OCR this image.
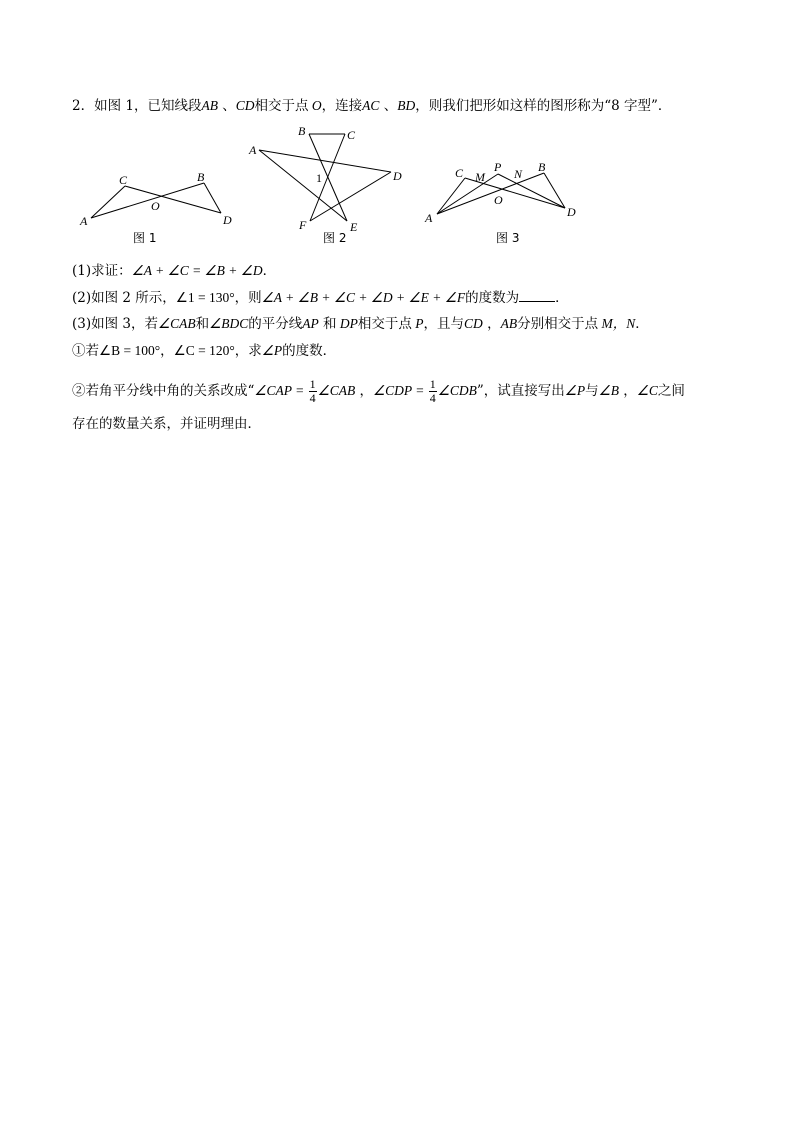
2．如图 1，已知线段AB 、CD相交于点 O，连接AC 、BD，则我们把形如这样的图形称为“8 字型”．
C	B
A
O
D
图 1
B	C
A
D
1
F	E
图 2
C M
P N B
O
A	D
图 3
(1)求证：∠A + ∠C = ∠B + ∠D．
(2)如图 2 所示，∠1 = 130°，则∠A + ∠B + ∠C + ∠D + ∠E + ∠F的度数为	．
(3)如图 3，若∠CAB和∠BDC的平分线AP 和 DP相交于点 P，且与CD ，AB分别相交于点 M，N．
①若∠B = 100°，∠C = 120°，求∠P的度数．
②若角平分线中角的关系改成“∠CAP = $\frac{1}{4}$ ∠CAB ，∠CDP = $\frac{1}{4}$ ∠CDB”，试直接写出∠P与∠B ，∠C之间
存在的数量关系，并证明理由．
